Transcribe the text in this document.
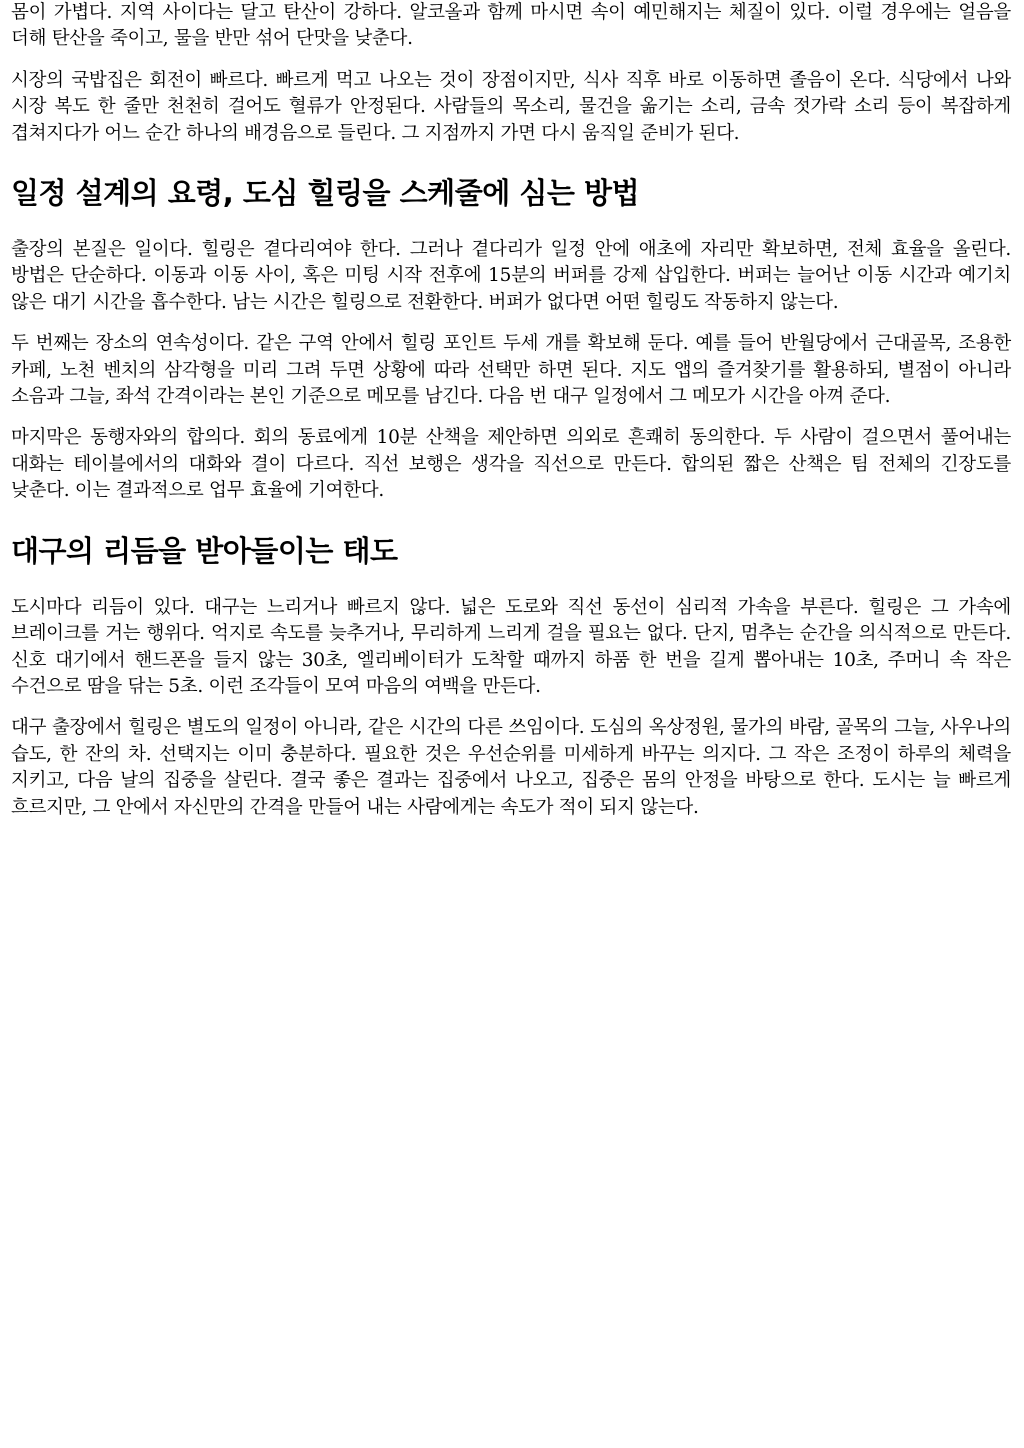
몸이 가볍다. 지역 사이다는 달고 탄산이 강하다. 알코올과 함께 마시면 속이 예민해지는 체질이 있다. 이럴 경우에는 얼음을 더해 탄산을 죽이고, 물을 반만 섞어 단맛을 낮춘다.

시장의 국밥집은 회전이 빠르다. 빠르게 먹고 나오는 것이 장점이지만, 식사 직후 바로 이동하면 졸음이 온다. 식당에서 나와 시장 복도 한 줄만 천천히 걸어도 혈류가 안정된다. 사람들의 목소리, 물건을 옮기는 소리, 금속 젓가락 소리 등이 복잡하게 겹쳐지다가 어느 순간 하나의 배경음으로 들린다. 그 지점까지 가면 다시 움직일 준비가 된다.

일정 설계의 요령, 도심 힐링을 스케줄에 심는 방법

출장의 본질은 일이다. 힐링은 곁다리여야 한다. 그러나 곁다리가 일정 안에 애초에 자리만 확보하면, 전체 효율을 올린다. 방법은 단순하다. 이동과 이동 사이, 혹은 미팅 시작 전후에 15분의 버퍼를 강제 삽입한다. 버퍼는 늘어난 이동 시간과 예기치 않은 대기 시간을 흡수한다. 남는 시간은 힐링으로 전환한다. 버퍼가 없다면 어떤 힐링도 작동하지 않는다.

두 번째는 장소의 연속성이다. 같은 구역 안에서 힐링 포인트 두세 개를 확보해 둔다. 예를 들어 반월당에서 근대골목, 조용한 카페, 노천 벤치의 삼각형을 미리 그려 두면 상황에 따라 선택만 하면 된다. 지도 앱의 즐겨찾기를 활용하되, 별점이 아니라 소음과 그늘, 좌석 간격이라는 본인 기준으로 메모를 남긴다. 다음 번 대구 일정에서 그 메모가 시간을 아껴 준다.

마지막은 동행자와의 합의다. 회의 동료에게 10분 산책을 제안하면 의외로 흔쾌히 동의한다. 두 사람이 걸으면서 풀어내는 대화는 테이블에서의 대화와 결이 다르다. 직선 보행은 생각을 직선으로 만든다. 합의된 짧은 산책은 팀 전체의 긴장도를 낮춘다. 이는 결과적으로 업무 효율에 기여한다.

대구의 리듬을 받아들이는 태도

도시마다 리듬이 있다. 대구는 느리거나 빠르지 않다. 넓은 도로와 직선 동선이 심리적 가속을 부른다. 힐링은 그 가속에 브레이크를 거는 행위다. 억지로 속도를 늦추거나, 무리하게 느리게 걸을 필요는 없다. 단지, 멈추는 순간을 의식적으로 만든다. 신호 대기에서 핸드폰을 들지 않는 30초, 엘리베이터가 도착할 때까지 하품 한 번을 길게 뽑아내는 10초, 주머니 속 작은 수건으로 땀을 닦는 5초. 이런 조각들이 모여 마음의 여백을 만든다.

대구 출장에서 힐링은 별도의 일정이 아니라, 같은 시간의 다른 쓰임이다. 도심의 옥상정원, 물가의 바람, 골목의 그늘, 사우나의 습도, 한 잔의 차. 선택지는 이미 충분하다. 필요한 것은 우선순위를 미세하게 바꾸는 의지다. 그 작은 조정이 하루의 체력을 지키고, 다음 날의 집중을 살린다. 결국 좋은 결과는 집중에서 나오고, 집중은 몸의 안정을 바탕으로 한다. 도시는 늘 빠르게 흐르지만, 그 안에서 자신만의 간격을 만들어 내는 사람에게는 속도가 적이 되지 않는다.
